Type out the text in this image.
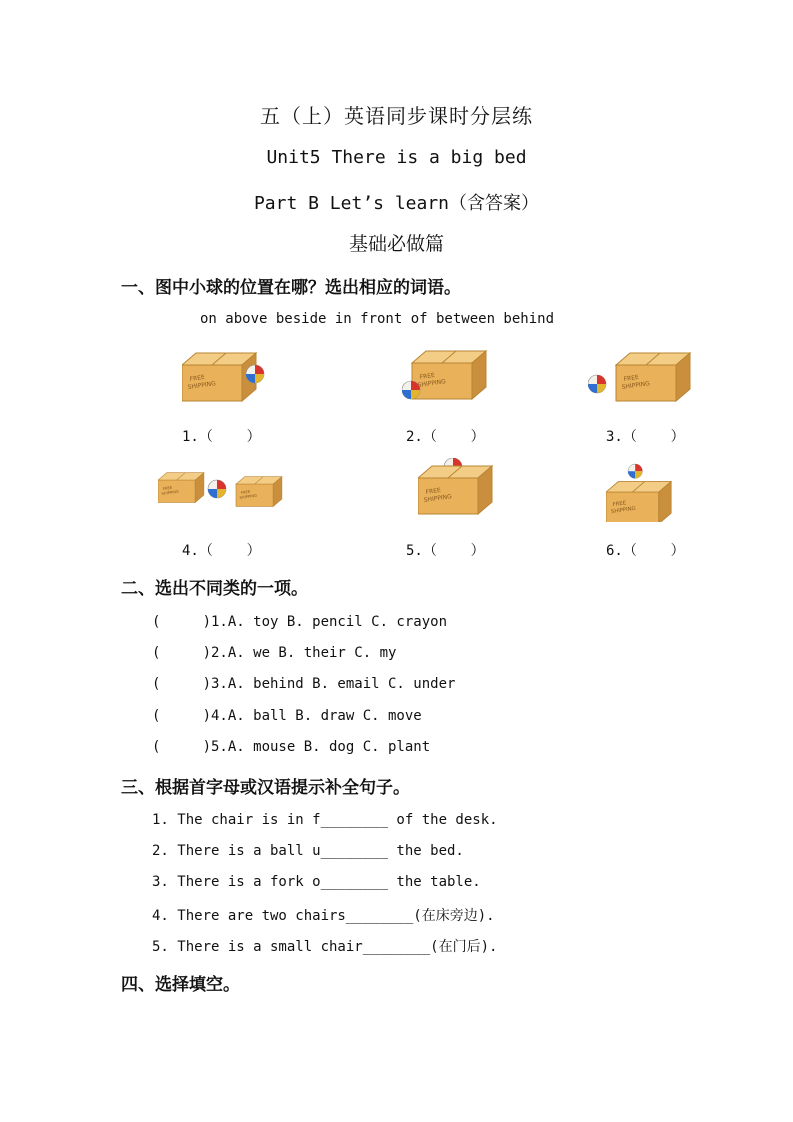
五（上）英语同步课时分层练
Unit5 There is a big bed
Part B Let’s learn（含答案）
基础必做篇
一、图中小球的位置在哪？选出相应的词语。
on above beside in front of between behind
1.（    ）	2.（    ）	3.（    ）
4.（    ）	5.（    ）	6.（    ）
二、选出不同类的一项。
(     )1.A. toy B. pencil C. crayon
(     )2.A. we B. their C. my
(     )3.A. behind B. email C. under
(     )4.A. ball B. draw C. move
(     )5.A. mouse B. dog C. plant
三、根据首字母或汉语提示补全句子。
1. The chair is in f________ of the desk.
2. There is a ball u________ the bed.
3. There is a fork o________ the table.
4. There are two chairs________(在床旁边).
5. There is a small chair________(在门后).
四、选择填空。
